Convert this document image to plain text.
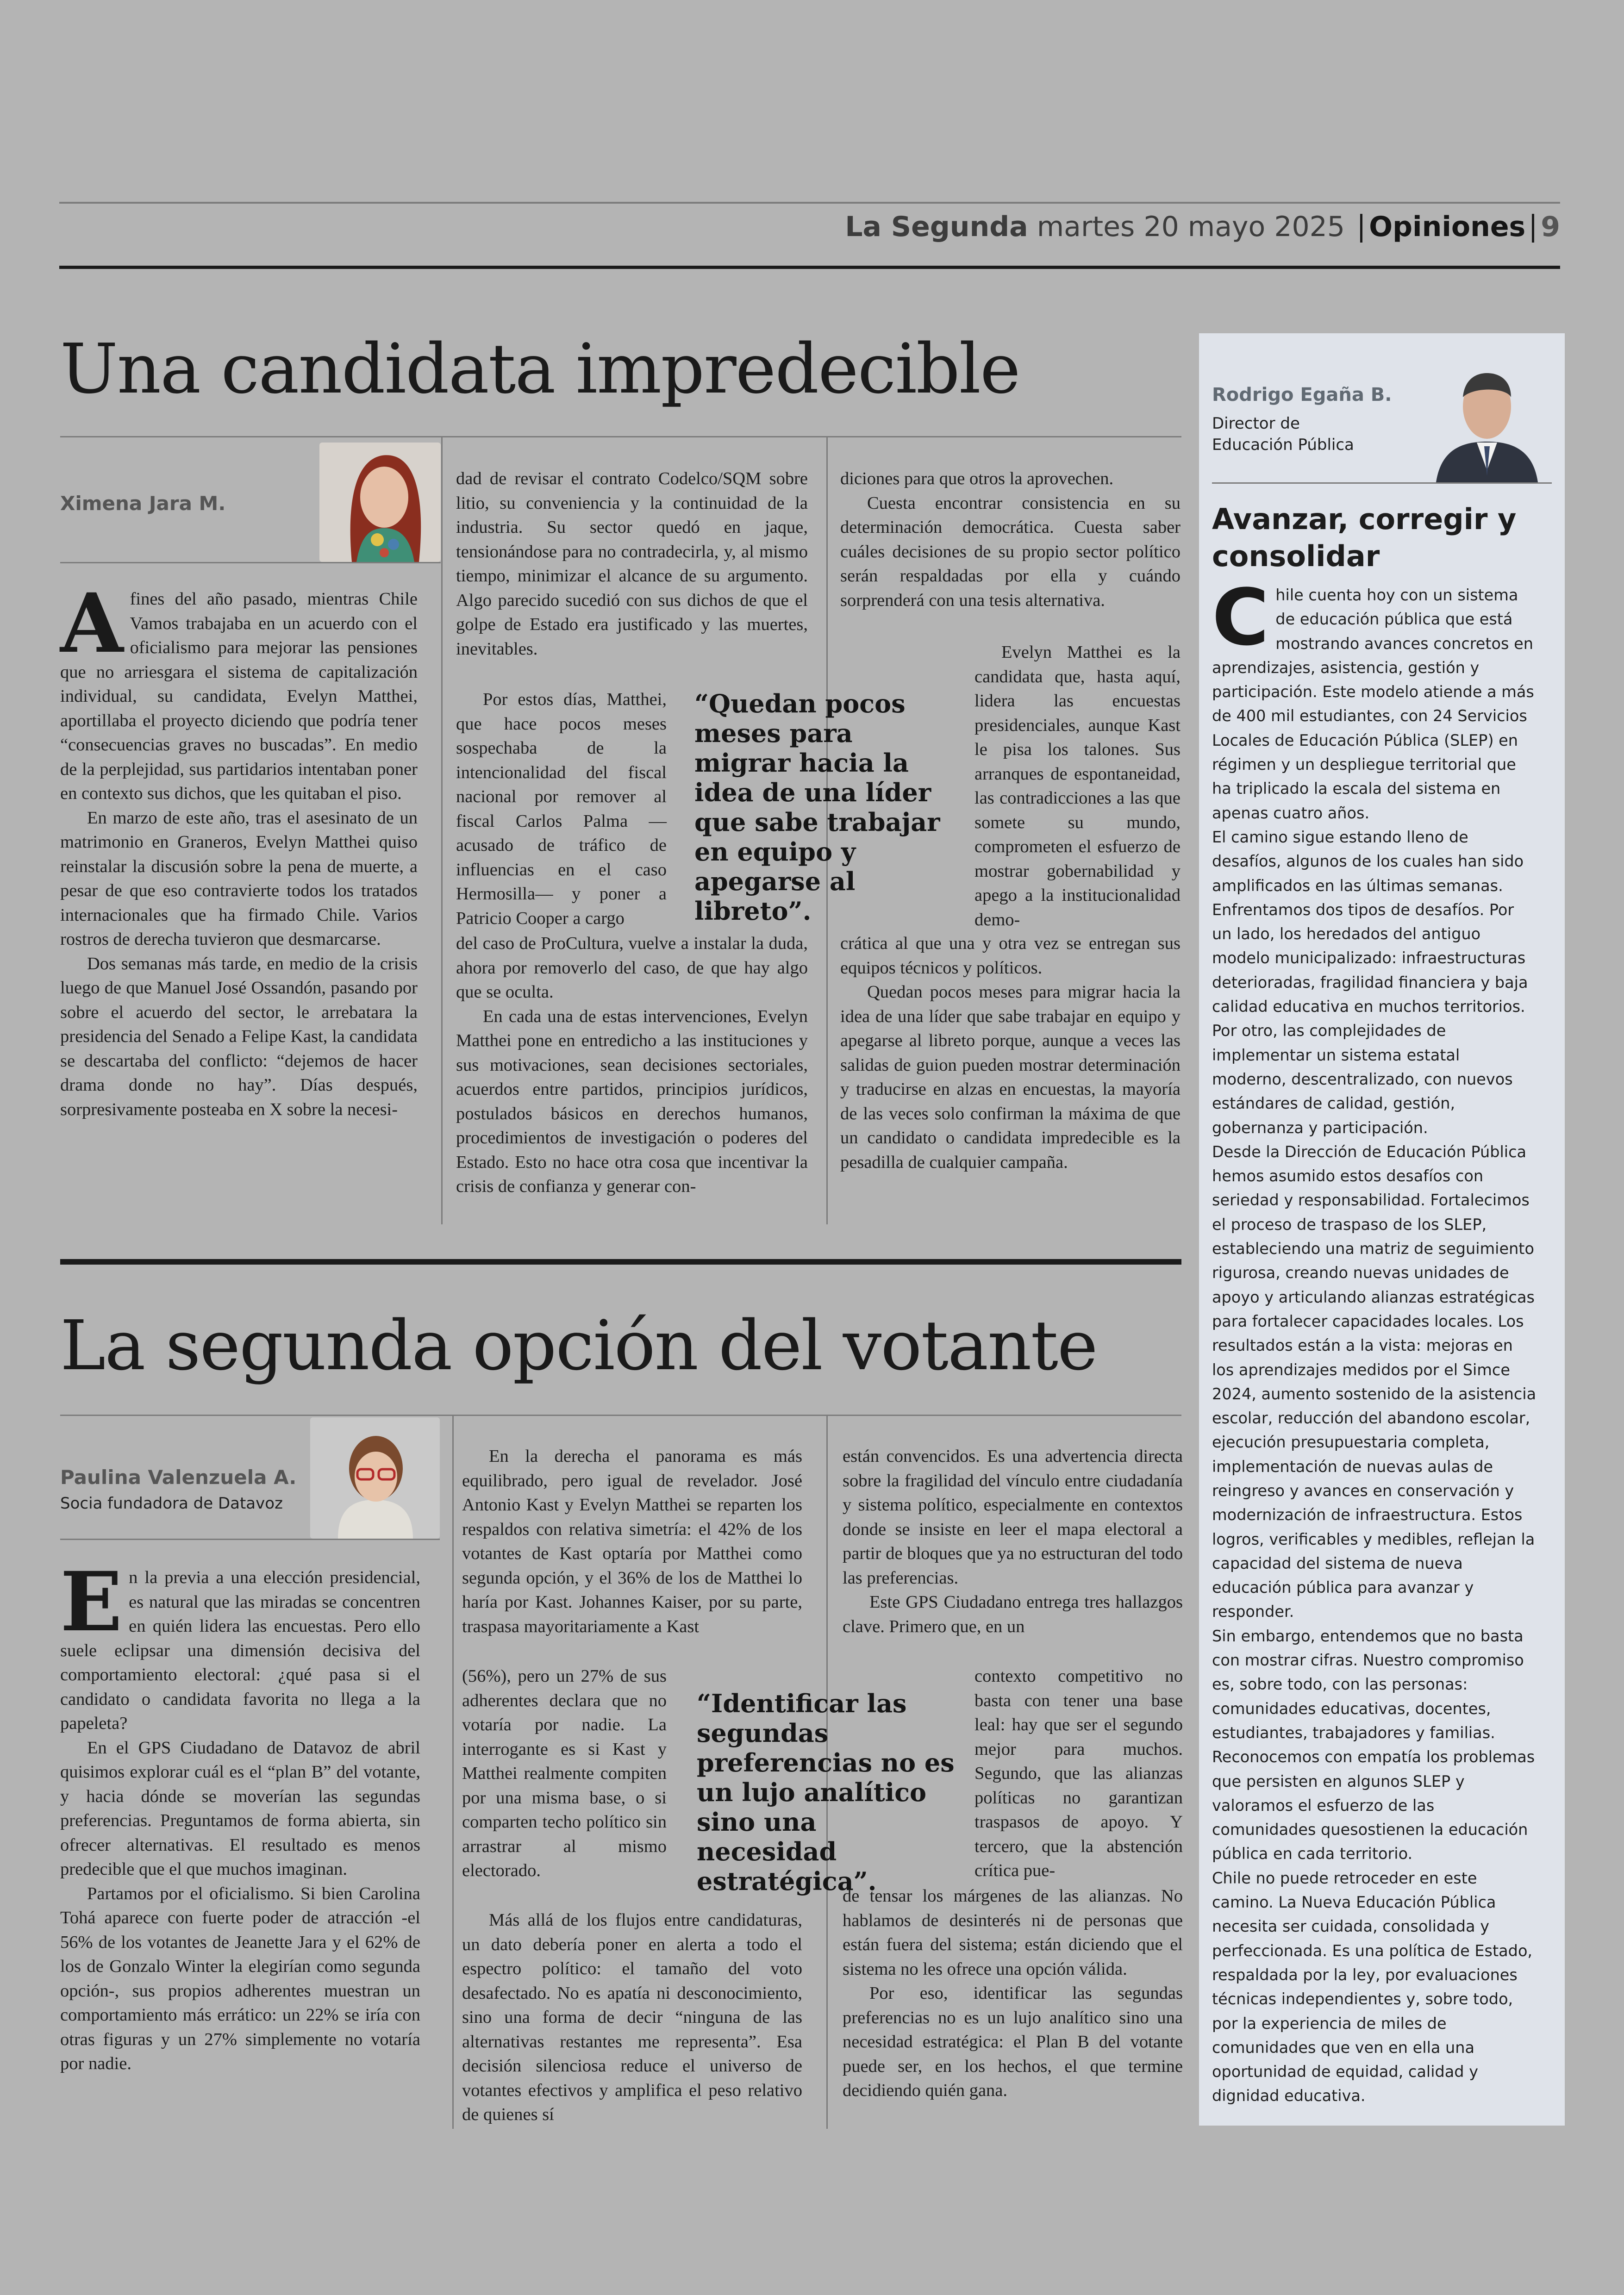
La Segunda martes 20 mayo 2025 Opiniones 9
Una candidata impredecible
Ximena Jara M.

Afines del año pasado, mientras Chile Vamos trabajaba en un acuerdo con el oficialismo para mejorar las pensiones que no arriesgara el sistema de capitalización individual, su candidata, Evelyn Matthei, aportillaba el proyecto diciendo que podría tener “consecuencias graves no buscadas”. En medio de la perplejidad, sus partidarios intentaban poner en contexto sus dichos, que les quitaban el piso.

En marzo de este año, tras el asesinato de un matrimonio en Graneros, Evelyn Matthei quiso reinstalar la discusión sobre la pena de muerte, a pesar de que eso contravierte todos los tratados internacionales que ha firmado Chile. Varios rostros de derecha tuvieron que desmarcarse.

Dos semanas más tarde, en medio de la crisis luego de que Manuel José Ossandón, pasando por sobre el acuerdo del sector, le arrebatara la presidencia del Senado a Felipe Kast, la candidata se descartaba del conflicto: “dejemos de hacer drama donde no hay”. Días después, sorpresivamente posteaba en X sobre la necesi-

dad de revisar el contrato Codelco/SQM sobre litio, su conveniencia y la continuidad de la industria. Su sector quedó en jaque, tensionándose para no contradecirla, y, al mismo tiempo, minimizar el alcance de su argumento. Algo parecido sucedió con sus dichos de que el golpe de Estado era justificado y las muertes, inevitables.

Por estos días, Matthei, que hace pocos meses sospechaba de la intencionalidad del fiscal nacional por remover al fiscal Carlos Palma —acusado de tráfico de influencias en el caso Hermosilla— y poner a Patricio Cooper a cargo

del caso de ProCultura, vuelve a instalar la duda, ahora por removerlo del caso, de que hay algo que se oculta.

En cada una de estas intervenciones, Evelyn Matthei pone en entredicho a las instituciones y sus motivaciones, sean decisiones sectoriales, acuerdos entre partidos, principios jurídicos, postulados básicos en derechos humanos, procedimientos de investigación o poderes del Estado. Esto no hace otra cosa que incentivar la crisis de confianza y generar con-

“Quedan pocos meses para migrar hacia la idea de una líder que sabe trabajar en equipo y apegarse al libreto”.

diciones para que otros la aprovechen.

Cuesta encontrar consistencia en su determinación democrática. Cuesta saber cuáles decisiones de su propio sector político serán respaldadas por ella y cuándo sorprenderá con una tesis alternativa.

Evelyn Matthei es la candidata que, hasta aquí, lidera las encuestas presidenciales, aunque Kast le pisa los talones. Sus arranques de espontaneidad, las contradicciones a las que somete su mundo, comprometen el esfuerzo de mostrar gobernabilidad y apego a la institucionalidad demo-

crática al que una y otra vez se entregan sus equipos técnicos y políticos.

Quedan pocos meses para migrar hacia la idea de una líder que sabe trabajar en equipo y apegarse al libreto porque, aunque a veces las salidas de guion pueden mostrar determinación y traducirse en alzas en encuestas, la mayoría de las veces solo confirman la máxima de que un candidato o candidata impredecible es la pesadilla de cualquier campaña.

La segunda opción del votante
Paulina Valenzuela A.
Socia fundadora de Datavoz

En la previa a una elección presidencial, es natural que las miradas se concentren en quién lidera las encuestas. Pero ello suele eclipsar una dimensión decisiva del comportamiento electoral: ¿qué pasa si el candidato o candidata favorita no llega a la papeleta?

En el GPS Ciudadano de Datavoz de abril quisimos explorar cuál es el “plan B” del votante, y hacia dónde se moverían las segundas preferencias. Preguntamos de forma abierta, sin ofrecer alternativas. El resultado es menos predecible que el que muchos imaginan.

Partamos por el oficialismo. Si bien Carolina Tohá aparece con fuerte poder de atracción -el 56% de los votantes de Jeanette Jara y el 62% de los de Gonzalo Winter la elegirían como segunda opción-, sus propios adherentes muestran un comportamiento más errático: un 22% se iría con otras figuras y un 27% simplemente no votaría por nadie.

En la derecha el panorama es más equilibrado, pero igual de revelador. José Antonio Kast y Evelyn Matthei se reparten los respaldos con relativa simetría: el 42% de los votantes de Kast optaría por Matthei como segunda opción, y el 36% de los de Matthei lo haría por Kast. Johannes Kaiser, por su parte, traspasa mayoritariamente a Kast

(56%), pero un 27% de sus adherentes declara que no votaría por nadie. La interrogante es si Kast y Matthei realmente compiten por una misma base, o si comparten techo político sin arrastrar al mismo electorado.

Más allá de los flujos entre candidaturas, un dato debería poner en alerta a todo el espectro político: el tamaño del voto desafectado. No es apatía ni desconocimiento, sino una forma de decir “ninguna de las alternativas restantes me representa”. Esa decisión silenciosa reduce el universo de votantes efectivos y amplifica el peso relativo de quienes sí

“Identificar las segundas preferencias no es un lujo analítico sino una necesidad estratégica”.

están convencidos. Es una advertencia directa sobre la fragilidad del vínculo entre ciudadanía y sistema político, especialmente en contextos donde se insiste en leer el mapa electoral a partir de bloques que ya no estructuran del todo las preferencias.

Este GPS Ciudadano entrega tres hallazgos clave. Primero que, en un

contexto competitivo no basta con tener una base leal: hay que ser el segundo mejor para muchos. Segundo, que las alianzas políticas no garantizan traspasos de apoyo. Y tercero, que la abstención crítica pue-

de tensar los márgenes de las alianzas. No hablamos de desinterés ni de personas que están fuera del sistema; están diciendo que el sistema no les ofrece una opción válida.

Por eso, identificar las segundas preferencias no es un lujo analítico sino una necesidad estratégica: el Plan B del votante puede ser, en los hechos, el que termine decidiendo quién gana.

Rodrigo Egaña B.
Director de Educación Pública
Avanzar, corregir y consolidar

Chile cuenta hoy con un sistema de educación pública que está mostrando avances concretos en aprendizajes, asistencia, gestión y participación. Este modelo atiende a más de 400 mil estudiantes, con 24 Servicios Locales de Educación Pública (SLEP) en régimen y un despliegue territorial que ha triplicado la escala del sistema en apenas cuatro años.

El camino sigue estando lleno de desafíos, algunos de los cuales han sido amplificados en las últimas semanas. Enfrentamos dos tipos de desafíos. Por un lado, los heredados del antiguo modelo municipalizado: infraestructuras deterioradas, fragilidad financiera y baja calidad educativa en muchos territorios. Por otro, las complejidades de implementar un sistema estatal moderno, descentralizado, con nuevos estándares de calidad, gestión, gobernanza y participación.

Desde la Dirección de Educación Pública hemos asumido estos desafíos con seriedad y responsabilidad. Fortalecimos el proceso de traspaso de los SLEP, estableciendo una matriz de seguimiento rigurosa, creando nuevas unidades de apoyo y articulando alianzas estratégicas para fortalecer capacidades locales. Los resultados están a la vista: mejoras en los aprendizajes medidos por el Simce 2024, aumento sostenido de la asistencia escolar, reducción del abandono escolar, ejecución presupuestaria completa, implementación de nuevas aulas de reingreso y avances en conservación y modernización de infraestructura. Estos logros, verificables y medibles, reflejan la capacidad del sistema de nueva educación pública para avanzar y responder.

Sin embargo, entendemos que no basta con mostrar cifras. Nuestro compromiso es, sobre todo, con las personas: comunidades educativas, docentes, estudiantes, trabajadores y familias. Reconocemos con empatía los problemas que persisten en algunos SLEP y valoramos el esfuerzo de las comunidades quesostienen la educación pública en cada territorio.

Chile no puede retroceder en este camino. La Nueva Educación Pública necesita ser cuidada, consolidada y perfeccionada. Es una política de Estado, respaldada por la ley, por evaluaciones técnicas independientes y, sobre todo, por la experiencia de miles de comunidades que ven en ella una oportunidad de equidad, calidad y dignidad educativa.
